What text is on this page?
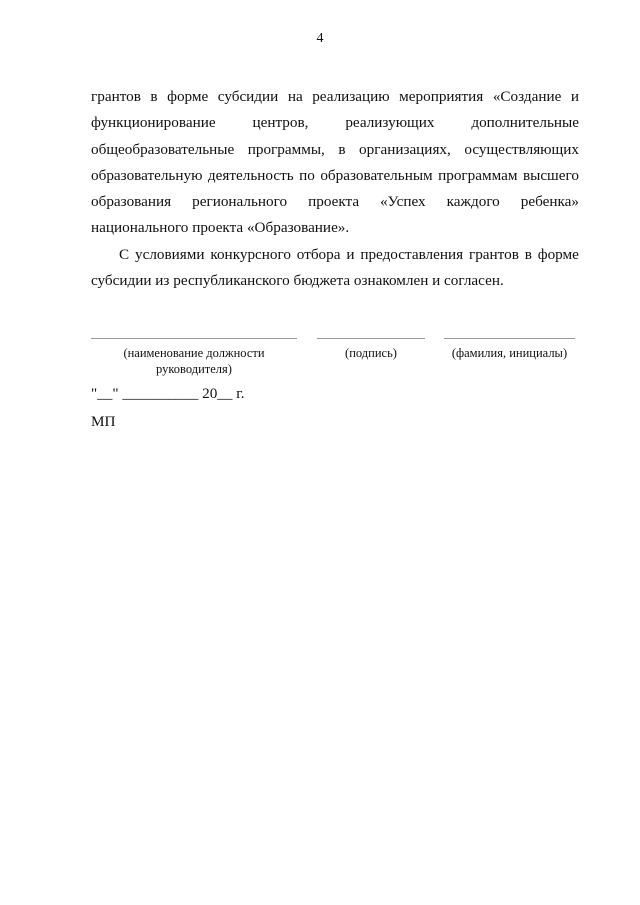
4
грантов в форме субсидии на реализацию мероприятия «Создание и
функционирование центров, реализующих дополнительные
общеобразовательные программы, в организациях, осуществляющих
образовательную деятельность по образовательным программам высшего
образования регионального проекта «Успех каждого ребенка»
национального проекта «Образование».
С условиями конкурсного отбора и предоставления грантов в форме
субсидии из республиканского бюджета ознакомлен и согласен.
(наименование должности
руководителя)
(подпись)	(фамилия, инициалы)
"__" __________ 20__ г.
МП
